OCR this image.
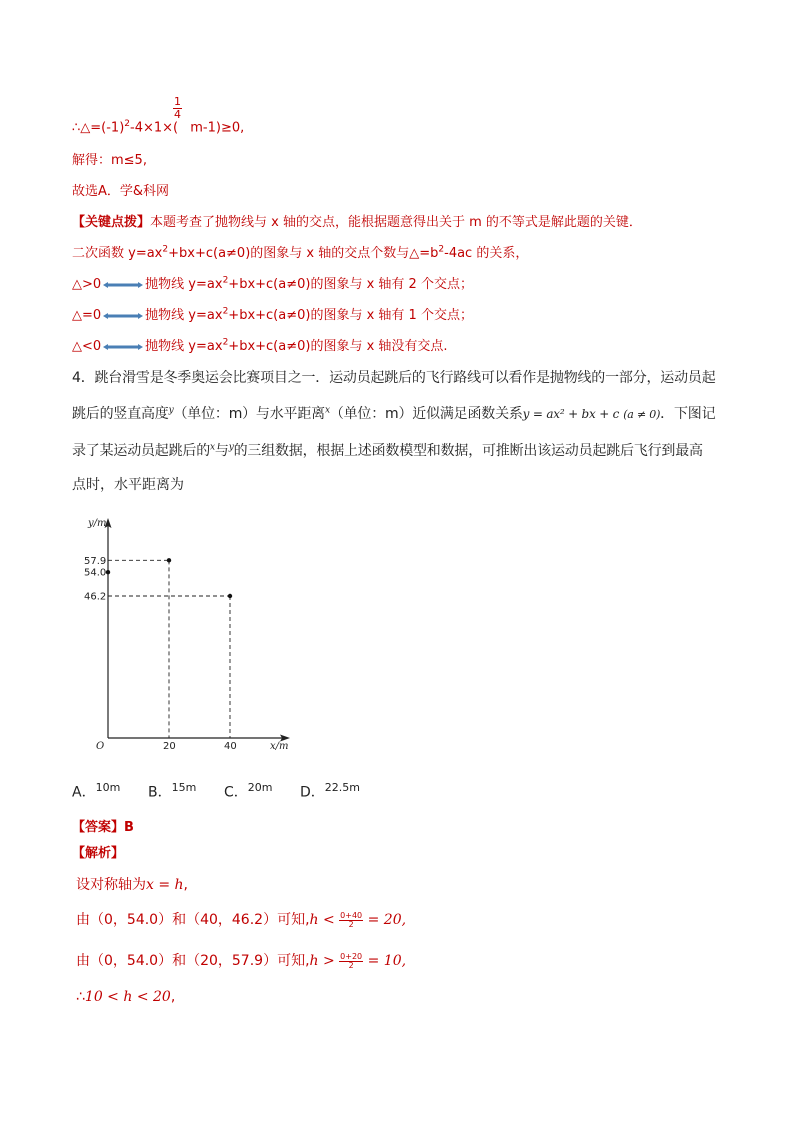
$\frac{1}{4}$
$\therefore\triangle=(-1)^2-4\times 1\times$( m-1)≥0,
解得：m≤5,
故选A．学&科网
【关键点拨】本题考查了抛物线与 x 轴的交点，能根据题意得出关于 m 的不等式是解此题的关键．
二次函数 $y=ax^2+bx+c(a\ne 0)$的图象与 x 轴的交点个数与$\triangle=b^2-4ac$ 的关系，
△>0	抛物线 $y=ax^2+bx+c(a\ne 0)$的图象与 x 轴有 2 个交点；
△=0	抛物线 $y=ax^2+bx+c(a\ne 0)$的图象与 x 轴有 1 个交点；
△<0	抛物线 $y=ax^2+bx+c(a\ne 0)$的图象与 x 轴没有交点.
4．跳台滑雪是冬季奥运会比赛项目之一．运动员起跳后的飞行路线可以看作是抛物线的一部分，运动员起
跳后的竖直高度$^y$（单位：m）与水平距离$^x$（单位：m）近似满足函数关系y = ax² + bx + c (a ≠ 0)．下图记
录了某运动员起跳后的$^x$与$^y$的三组数据，根据上述函数模型和数据，可推断出该运动员起跳后飞行到最高
点时，水平距离为
y/m
x/m
O
54.0
57.9
46.2
20	40
A．$^{10m}$ B．$^{15m}$ C．$^{20m}$ D．$^{22.5m}$
【答案】B
【解析】
设对称轴为x = h,
由（0，54.0）和（40，46.2）可知$,h < \frac{0+40}{2} = 20$,
由（0，54.0）和（20，57.9）可知$,h > \frac{0+20}{2} = 10$,
∴10 < h < 20,
